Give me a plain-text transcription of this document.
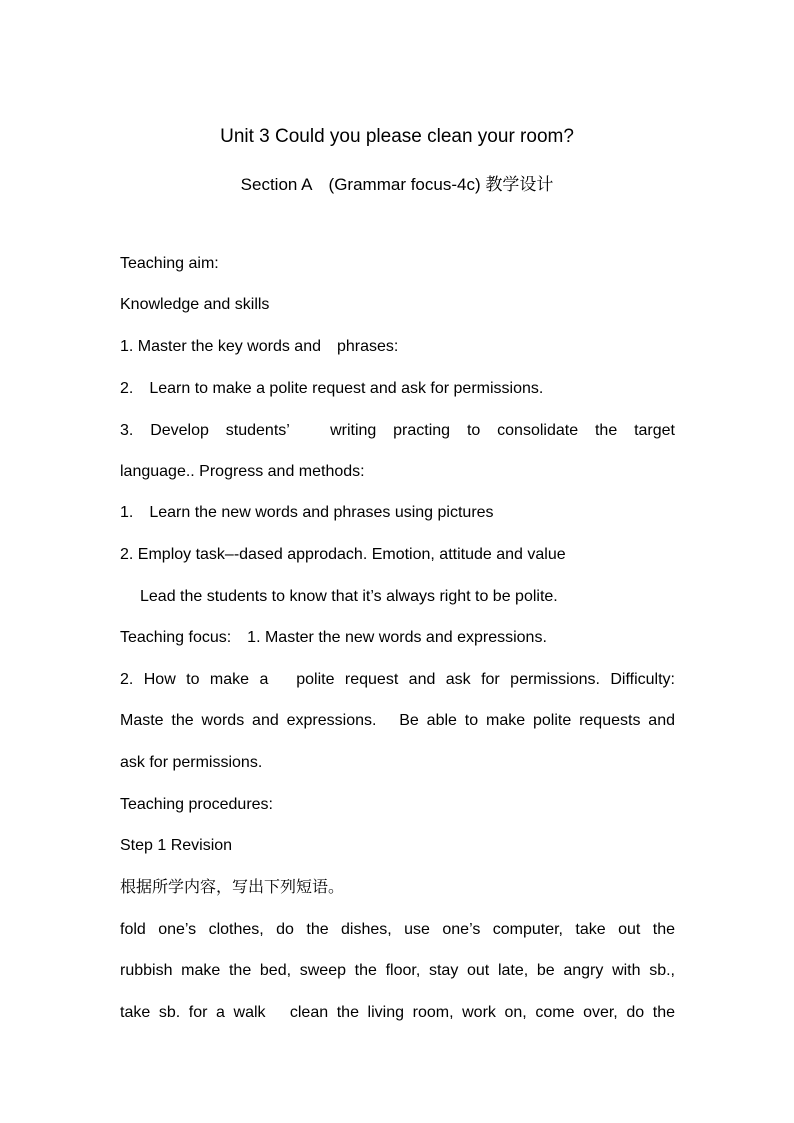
Unit 3 Could you please clean your room?
Section A　(Grammar focus-4c) 教学设计
Teaching aim:
Knowledge and skills
1. Master the key words and　phrases:
2.　Learn to make a polite request and ask for permissions.
3. Develop students’　writing practing to consolidate the target
language.. Progress and methods:
1.　Learn the new words and phrases using pictures
2. Employ task–-dased approdach. Emotion, attitude and value
Lead the students to know that it’s always right to be polite.
Teaching focus:　1. Master the new words and expressions.
2. How to make a　polite request and ask for permissions. Difficulty:
Maste the words and expressions.　Be able to make polite requests and
ask for permissions.
Teaching procedures:
Step 1 Revision
根据所学内容，写出下列短语。
fold one’s clothes, do the dishes, use one’s computer, take out the
rubbish make the bed, sweep the floor, stay out late, be angry with sb.,
take sb. for a walk　clean the living room, work on, come over, do the
